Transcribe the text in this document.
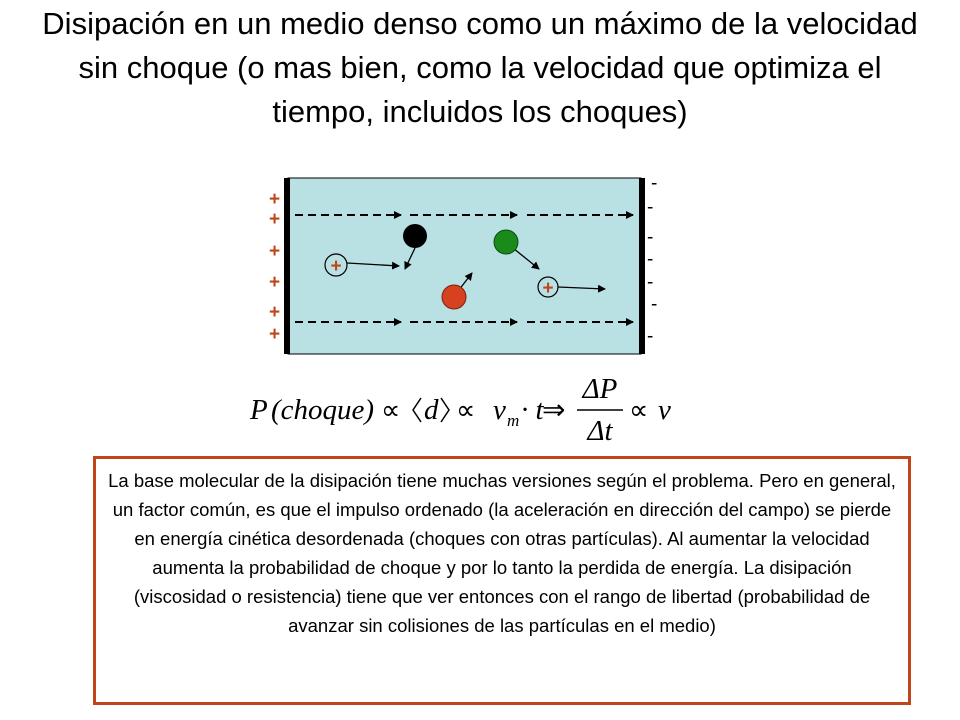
Disipación en un medio denso como un máximo de la velocidad sin choque (o mas bien, como la velocidad que optimiza el tiempo, incluidos los choques)
+
+
+
+
+
+
-
-
-
-
-
-
-
+
+
P (choque) ∝ d ∝ v m · t
⇒
ΔP
Δt
∝ v
La base molecular de la disipación tiene muchas versiones según el problema. Pero en general, un factor común, es que el impulso ordenado (la aceleración en dirección del campo) se pierde en energía cinética desordenada (choques con otras partículas). Al aumentar la velocidad aumenta la probabilidad de choque y por lo tanto la perdida de energía. La disipación (viscosidad o resistencia) tiene que ver entonces con el rango de libertad (probabilidad de avanzar sin colisiones de las partículas en el medio)
